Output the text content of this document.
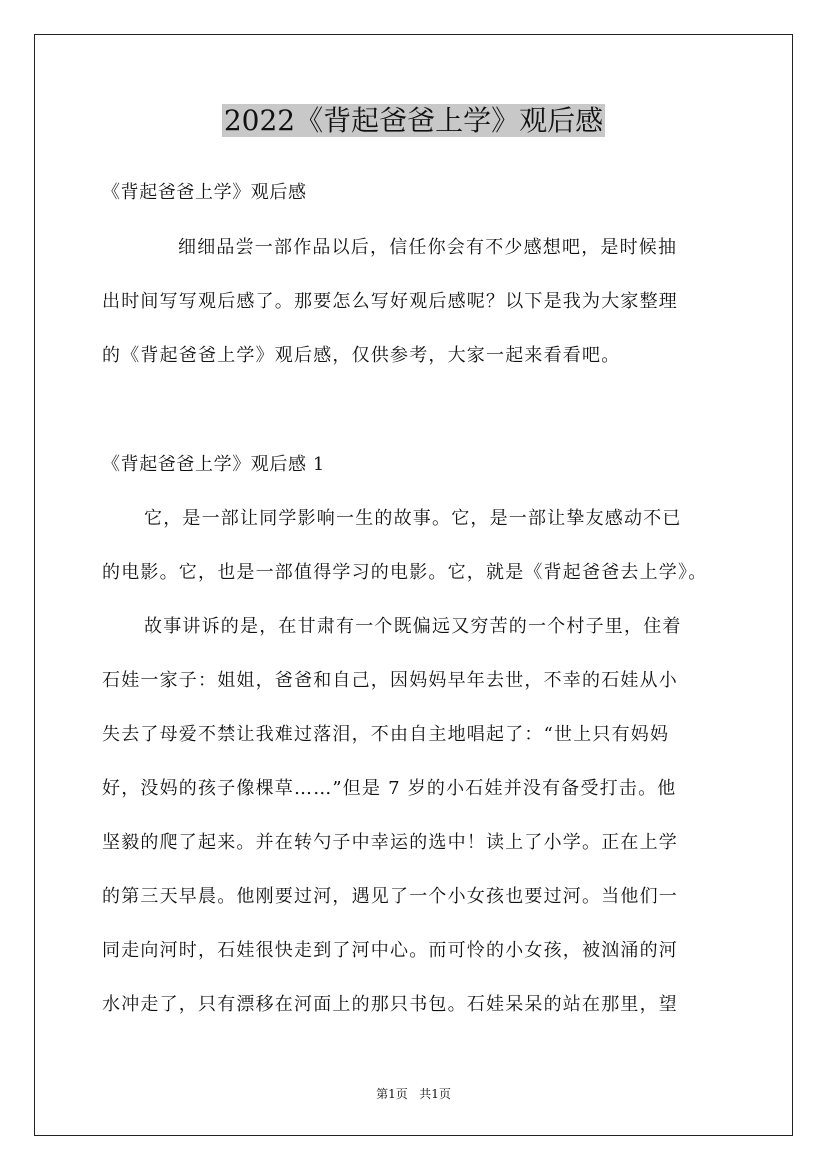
2022《背起爸爸上学》观后感
《背起爸爸上学》观后感
细细品尝一部作品以后，信任你会有不少感想吧，是时候抽
出时间写写观后感了。那要怎么写好观后感呢？以下是我为大家整理
的《背起爸爸上学》观后感，仅供参考，大家一起来看看吧。
《背起爸爸上学》观后感 1
它，是一部让同学影响一生的故事。它，是一部让挚友感动不已
的电影。它，也是一部值得学习的电影。它，就是《背起爸爸去上学》。
故事讲诉的是，在甘肃有一个既偏远又穷苦的一个村子里，住着
石娃一家子：姐姐，爸爸和自己，因妈妈早年去世，不幸的石娃从小
失去了母爱不禁让我难过落泪，不由自主地唱起了：“世上只有妈妈
好，没妈的孩子像棵草……”但是 7 岁的小石娃并没有备受打击。他
坚毅的爬了起来。并在转勺子中幸运的选中！读上了小学。正在上学
的第三天早晨。他刚要过河，遇见了一个小女孩也要过河。当他们一
同走向河时，石娃很快走到了河中心。而可怜的小女孩，被汹涌的河
水冲走了，只有漂移在河面上的那只书包。石娃呆呆的站在那里，望
第1页   共1页
